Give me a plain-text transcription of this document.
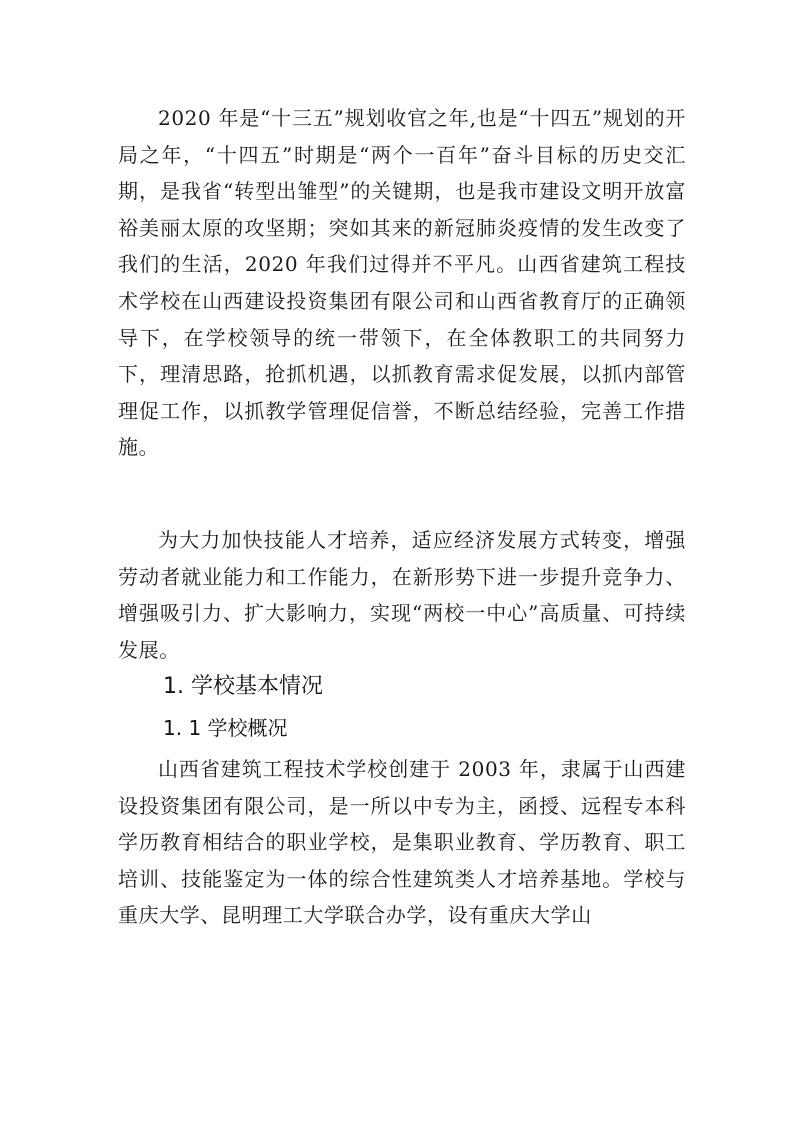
2020 年是“十三五”规划收官之年,也是“十四五”规划的开局之年，“十四五”时期是“两个一百年”奋斗目标的历史交汇期，是我省“转型出雏型”的关键期，也是我市建设文明开放富裕美丽太原的攻坚期；突如其来的新冠肺炎疫情的发生改变了我们的生活，2020 年我们过得并不平凡。山西省建筑工程技术学校在山西建设投资集团有限公司和山西省教育厅的正确领导下，在学校领导的统一带领下，在全体教职工的共同努力下，理清思路，抢抓机遇，以抓教育需求促发展，以抓内部管理促工作，以抓教学管理促信誉，不断总结经验，完善工作措施。

为大力加快技能人才培养，适应经济发展方式转变，增强劳动者就业能力和工作能力，在新形势下进一步提升竞争力、增强吸引力、扩大影响力，实现“两校一中心”高质量、可持续发展。

1. 学校基本情况
1. 1 学校概况

山西省建筑工程技术学校创建于 2003 年，隶属于山西建设投资集团有限公司，是一所以中专为主，函授、远程专本科学历教育相结合的职业学校，是集职业教育、学历教育、职工培训、技能鉴定为一体的综合性建筑类人才培养基地。学校与重庆大学、昆明理工大学联合办学，设有重庆大学山
